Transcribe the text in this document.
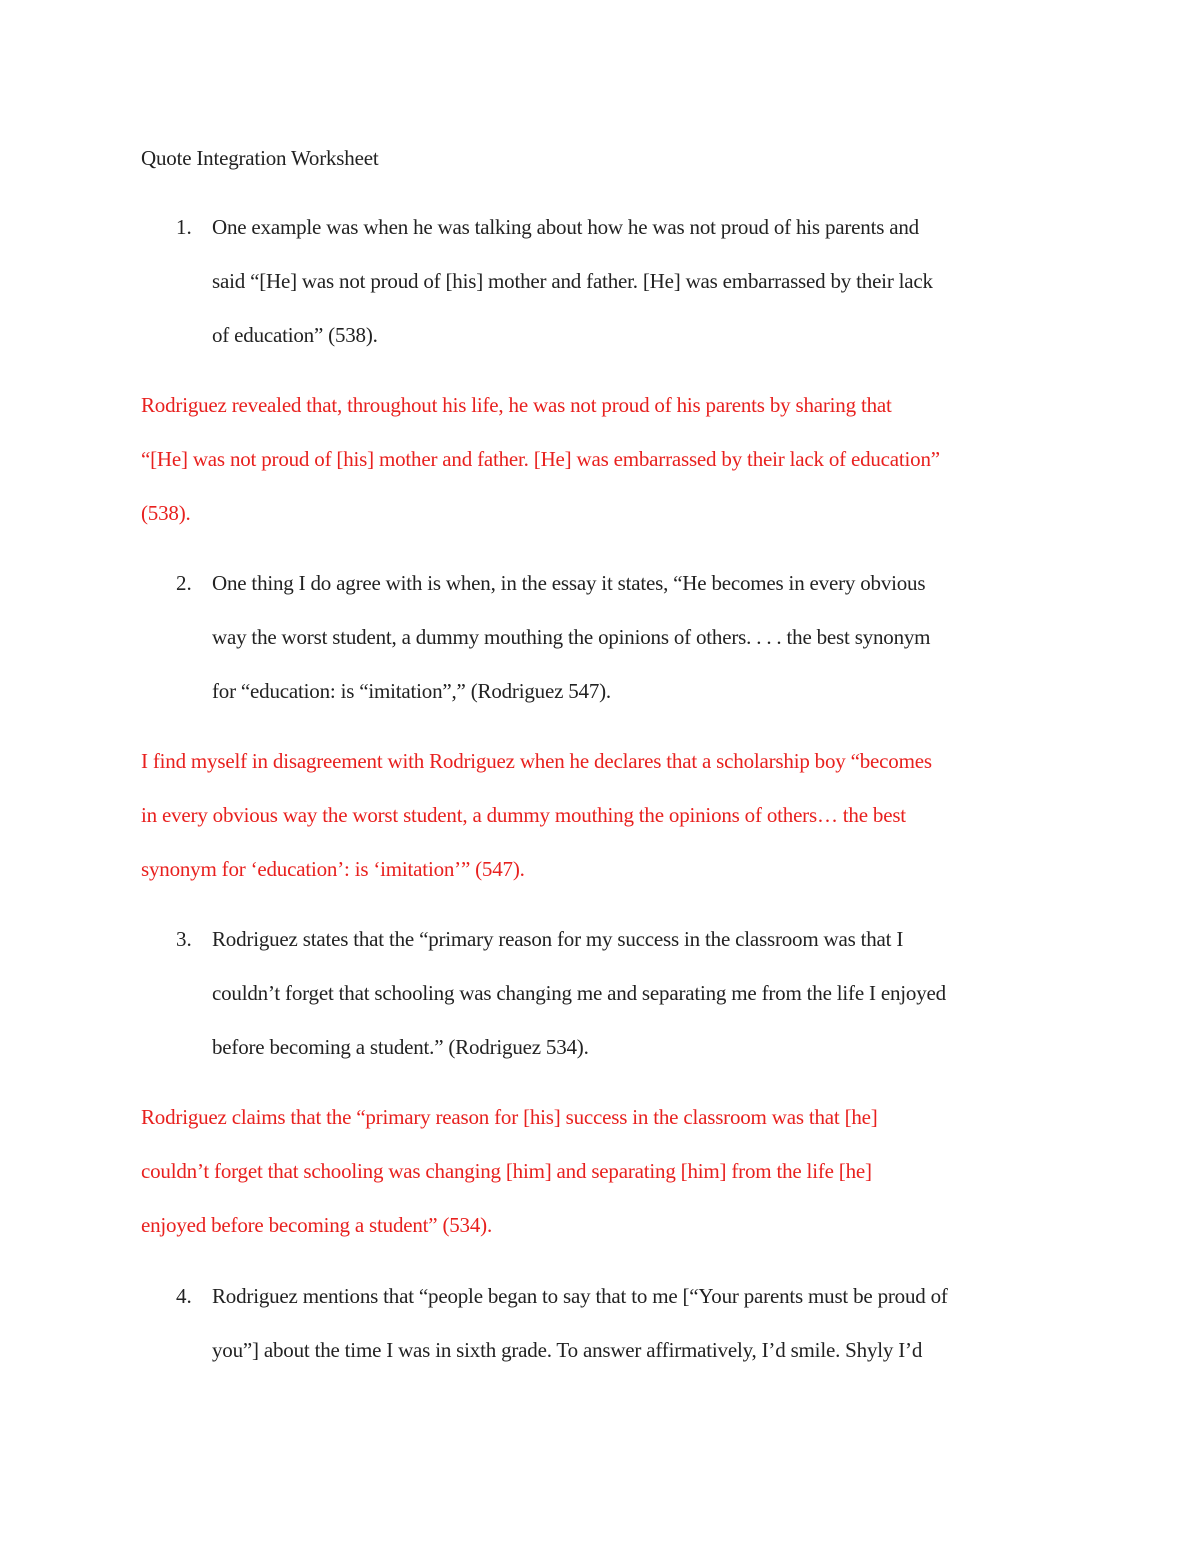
Quote Integration Worksheet
1. One example was when he was talking about how he was not proud of his parents and
said “[He] was not proud of [his] mother and father. [He] was embarrassed by their lack
of education” (538).
Rodriguez revealed that, throughout his life, he was not proud of his parents by sharing that
“[He] was not proud of [his] mother and father. [He] was embarrassed by their lack of education”
(538).
2. One thing I do agree with is when, in the essay it states, “He becomes in every obvious
way the worst student, a dummy mouthing the opinions of others. . . . the best synonym
for “education: is “imitation”,” (Rodriguez 547).
I find myself in disagreement with Rodriguez when he declares that a scholarship boy “becomes
in every obvious way the worst student, a dummy mouthing the opinions of others… the best
synonym for ‘education’: is ‘imitation’” (547).
3. Rodriguez states that the “primary reason for my success in the classroom was that I
couldn’t forget that schooling was changing me and separating me from the life I enjoyed
before becoming a student.” (Rodriguez 534).
Rodriguez claims that the “primary reason for [his] success in the classroom was that [he]
couldn’t forget that schooling was changing [him] and separating [him] from the life [he]
enjoyed before becoming a student” (534).
4. Rodriguez mentions that “people began to say that to me [“Your parents must be proud of
you”] about the time I was in sixth grade. To answer affirmatively, I’d smile. Shyly I’d
